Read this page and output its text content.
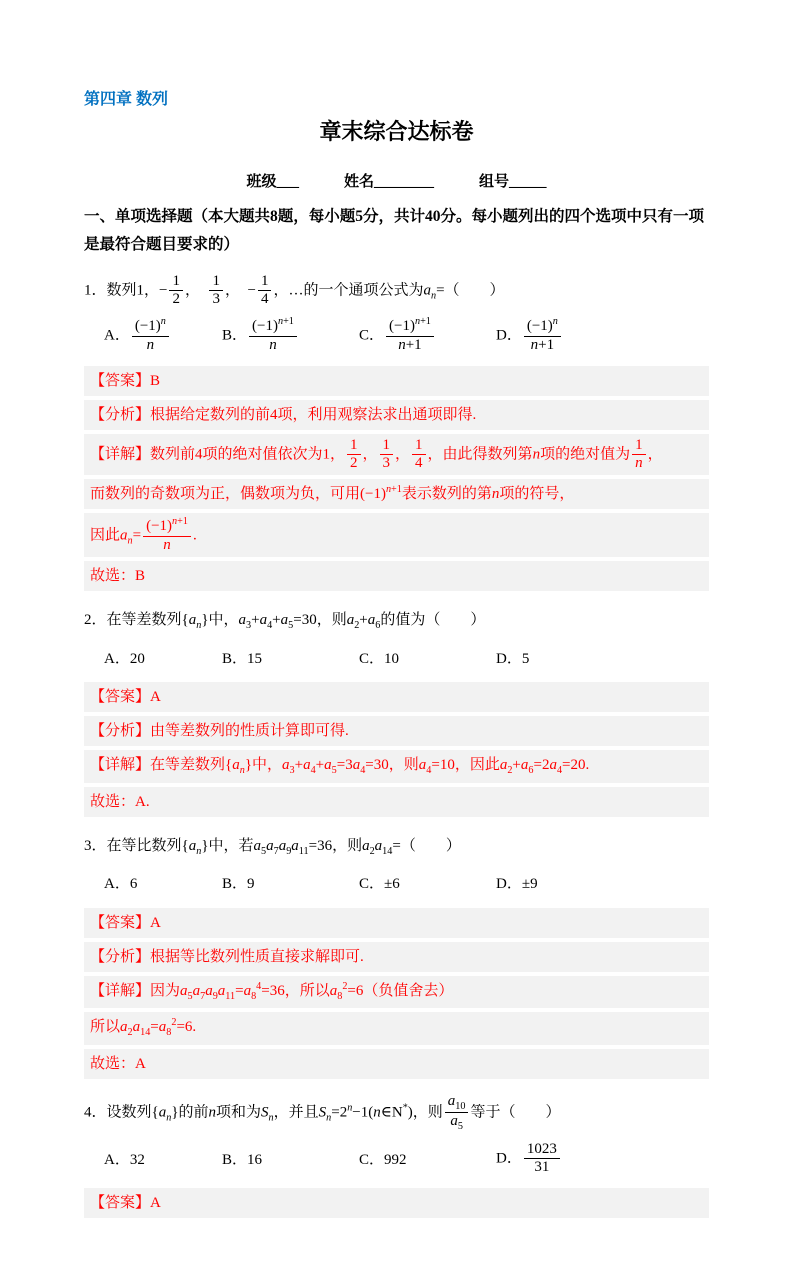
第四章 数列
章末综合达标卷
班级___　　　姓名________　　　组号_____
一、单项选择题（本大题共8题，每小题5分，共计40分。每小题列出的四个选项中只有一项是最符合题目要求的）
1．数列1，− $\frac{1}{2}$ ，　 $\frac{1}{3}$ ，　− $\frac{1}{4}$ ，…的一个通项公式为$a_n=$（　　）
A． $\frac{(-1)^n}{n}$	B． $\frac{(-1)^{n+1}}{n}$	C． $\frac{(-1)^{n+1}}{n+1}$	D． $\frac{(-1)^n}{n+1}$
【答案】B
【分析】根据给定数列的前4项，利用观察法求出通项即得.
【详解】数列前4项的绝对值依次为1， $\frac{1}{2}$ ， $\frac{1}{3}$ ， $\frac{1}{4}$ ，由此得数列第n项的绝对值为 $\frac{1}{n}$ ，
而数列的奇数项为正，偶数项为负，可用$(-1)^{n+1}$表示数列的第n项的符号，
因此$a_n= \frac{(-1)^{n+1}}{n}$ .
故选：B
2．在等差数列$\{a_n\}$中，$a_3+a_4+a_5=30$，则$a_2+a_6$的值为（　　）
A．20	B．15	C．10	D．5
【答案】A
【分析】由等差数列的性质计算即可得.
【详解】在等差数列$\{a_n\}$中，$a_3+a_4+a_5=3a_4=30$，则$a_4=10$，因此$a_2+a_6=2a_4=20$.
故选：A.
3．在等比数列$\{a_n\}$中，若$a_5a_7a_9a_{11}=36$，则$a_2a_{14}=$（　　）
A．6	B．9	C．±6	D．±9
【答案】A
【分析】根据等比数列性质直接求解即可.
【详解】因为$a_5a_7a_9a_{11}=a_8^4=36$，所以$a_8^2=6$（负值舍去）
所以$a_2a_{14}=a_8^2=6$.
故选：A
4．设数列$\{a_n\}$的前n项和为$S_n$，并且$S_n=2^n-1(n\in N^*)$，则 $\frac{a_{10}}{a_5}$ 等于（　　）
A．32	B．16	C．992	D． $\frac{1023}{31}$
【答案】A
